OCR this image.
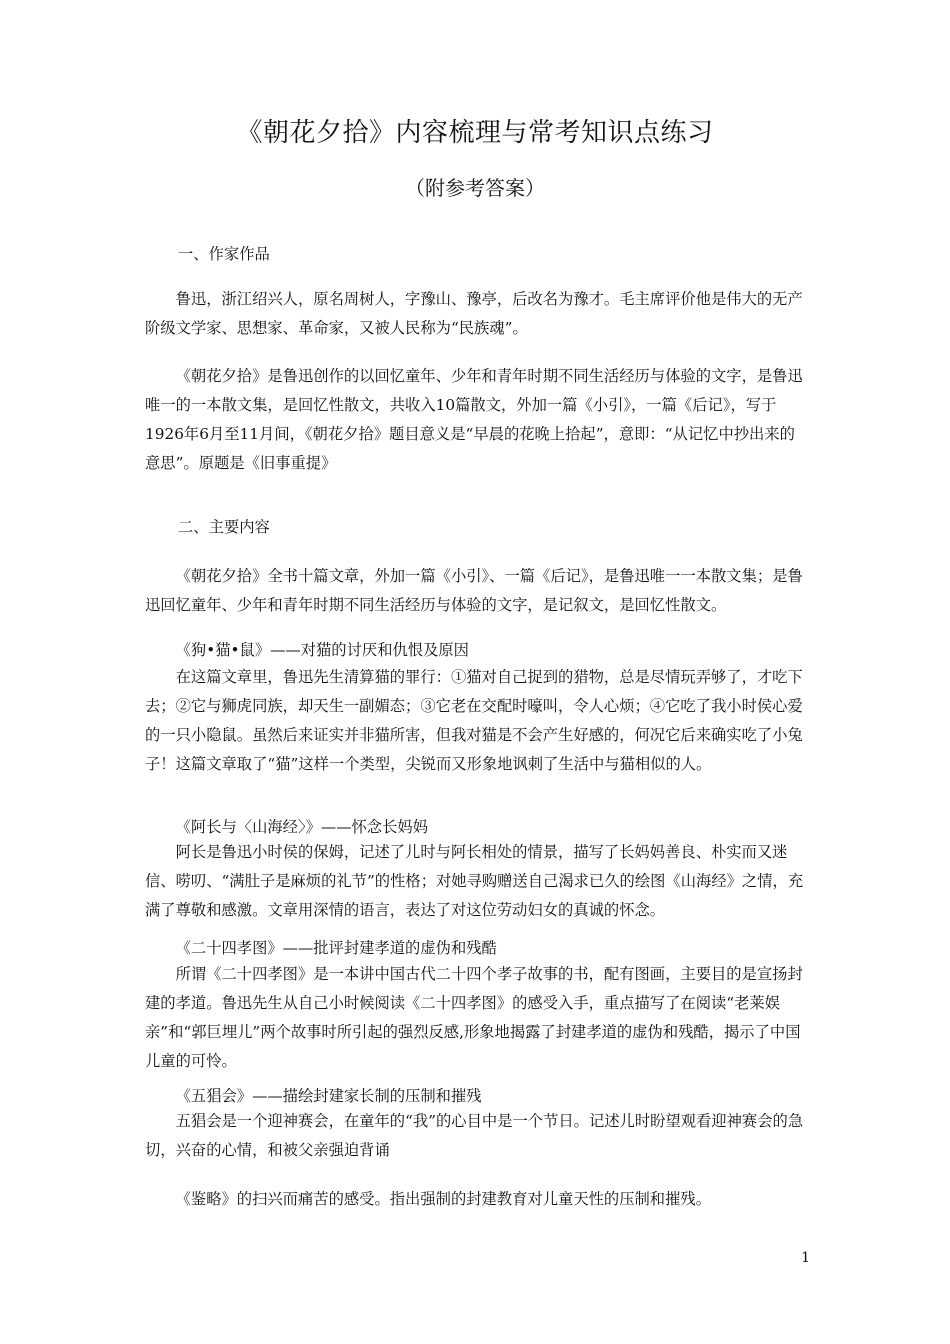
《朝花夕拾》内容梳理与常考知识点练习
（附参考答案）
一、作家作品
鲁迅，浙江绍兴人，原名周树人，字豫山、豫亭，后改名为豫才。毛主席评价他是伟大的无产阶级文学家、思想家、革命家，又被人民称为“民族魂”。
《朝花夕拾》是鲁迅创作的以回忆童年、少年和青年时期不同生活经历与体验的文字，是鲁迅唯一的一本散文集，是回忆性散文，共收入10篇散文，外加一篇《小引》，一篇《后记》，写于1926年6月至11月间，《朝花夕拾》题目意义是“早晨的花晚上拾起”，意即：“从记忆中抄出来的意思”。原题是《旧事重提》
二、主要内容
《朝花夕拾》全书十篇文章，外加一篇《小引》、一篇《后记》，是鲁迅唯一一本散文集；是鲁迅回忆童年、少年和青年时期不同生活经历与体验的文字，是记叙文，是回忆性散文。
《狗•猫•鼠》——对猫的讨厌和仇恨及原因
在这篇文章里，鲁迅先生清算猫的罪行：①猫对自己捉到的猎物，总是尽情玩弄够了，才吃下去；②它与狮虎同族，却天生一副媚态；③它老在交配时嚎叫，令人心烦；④它吃了我小时侯心爱的一只小隐鼠。虽然后来证实并非猫所害，但我对猫是不会产生好感的，何况它后来确实吃了小兔子！这篇文章取了“猫”这样一个类型，尖锐而又形象地讽刺了生活中与猫相似的人。
《阿长与〈山海经〉》——怀念长妈妈
阿长是鲁迅小时侯的保姆，记述了儿时与阿长相处的情景，描写了长妈妈善良、朴实而又迷信、唠叨、“满肚子是麻烦的礼节”的性格；对她寻购赠送自己渴求已久的绘图《山海经》之情，充满了尊敬和感激。文章用深情的语言，表达了对这位劳动妇女的真诚的怀念。
《二十四孝图》——批评封建孝道的虚伪和残酷
所谓《二十四孝图》是一本讲中国古代二十四个孝子故事的书，配有图画，主要目的是宣扬封建的孝道。鲁迅先生从自己小时候阅读《二十四孝图》的感受入手，重点描写了在阅读“老莱娱亲”和“郭巨埋儿”两个故事时所引起的强烈反感,形象地揭露了封建孝道的虚伪和残酷，揭示了中国儿童的可怜。
《五猖会》——描绘封建家长制的压制和摧残
五猖会是一个迎神赛会，在童年的“我”的心目中是一个节日。记述儿时盼望观看迎神赛会的急切，兴奋的心情，和被父亲强迫背诵
《鉴略》的扫兴而痛苦的感受。指出强制的封建教育对儿童天性的压制和摧残。
1
